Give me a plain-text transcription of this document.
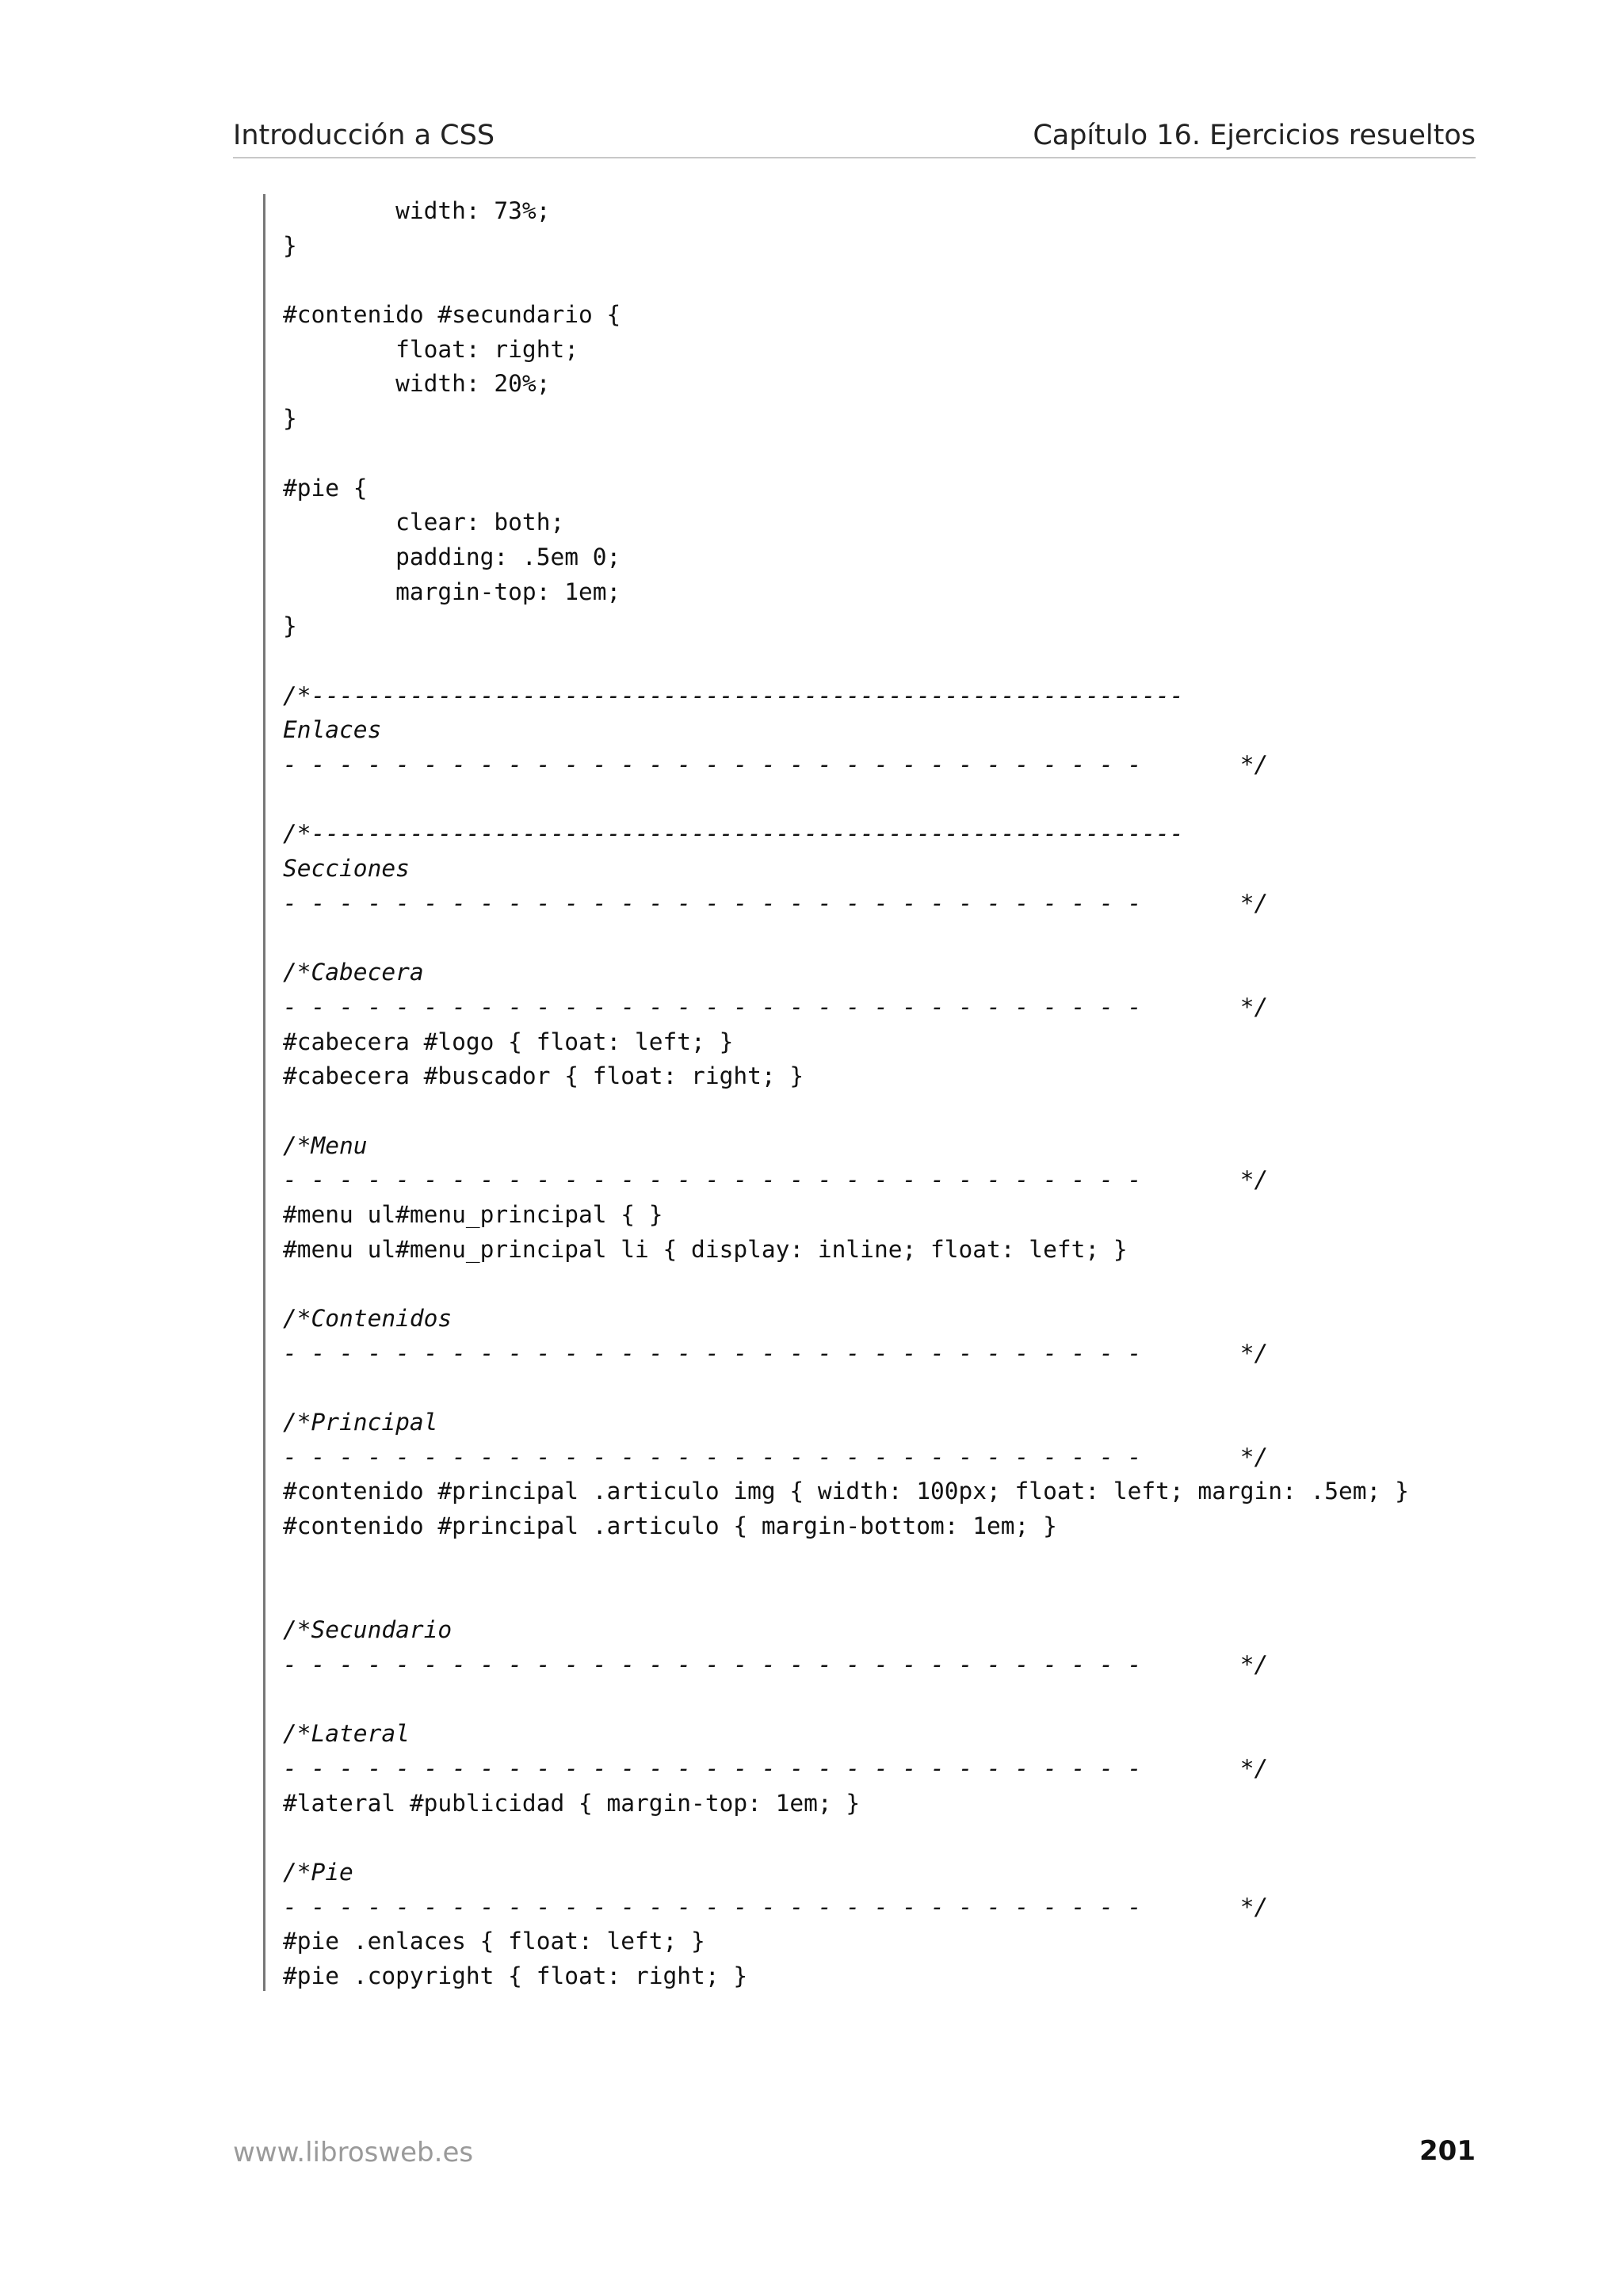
Introducción a CSS	Capítulo 16. Ejercicios resueltos
width: 73%;
}
#contenido #secundario {
float: right;
width: 20%;
}
#pie {
clear: both;
padding: .5em 0;
margin-top: 1em;
}
/*--------------------------------------------------------------
Enlaces
- - - - - - - - - - - - - - - - - - - - - - - - - - - - - - -       */
/*--------------------------------------------------------------
Secciones
- - - - - - - - - - - - - - - - - - - - - - - - - - - - - - -       */
/*Cabecera
- - - - - - - - - - - - - - - - - - - - - - - - - - - - - - -       */
#cabecera #logo { float: left; }
#cabecera #buscador { float: right; }
/*Menu
- - - - - - - - - - - - - - - - - - - - - - - - - - - - - - -       */
#menu ul#menu_principal { }
#menu ul#menu_principal li { display: inline; float: left; }
/*Contenidos
- - - - - - - - - - - - - - - - - - - - - - - - - - - - - - -       */
/*Principal
- - - - - - - - - - - - - - - - - - - - - - - - - - - - - - -       */
#contenido #principal .articulo img { width: 100px; float: left; margin: .5em; }
#contenido #principal .articulo { margin-bottom: 1em; }
/*Secundario
- - - - - - - - - - - - - - - - - - - - - - - - - - - - - - -       */
/*Lateral
- - - - - - - - - - - - - - - - - - - - - - - - - - - - - - -       */
#lateral #publicidad { margin-top: 1em; }
/*Pie
- - - - - - - - - - - - - - - - - - - - - - - - - - - - - - -       */
#pie .enlaces { float: left; }
#pie .copyright { float: right; }
www.librosweb.es	201
